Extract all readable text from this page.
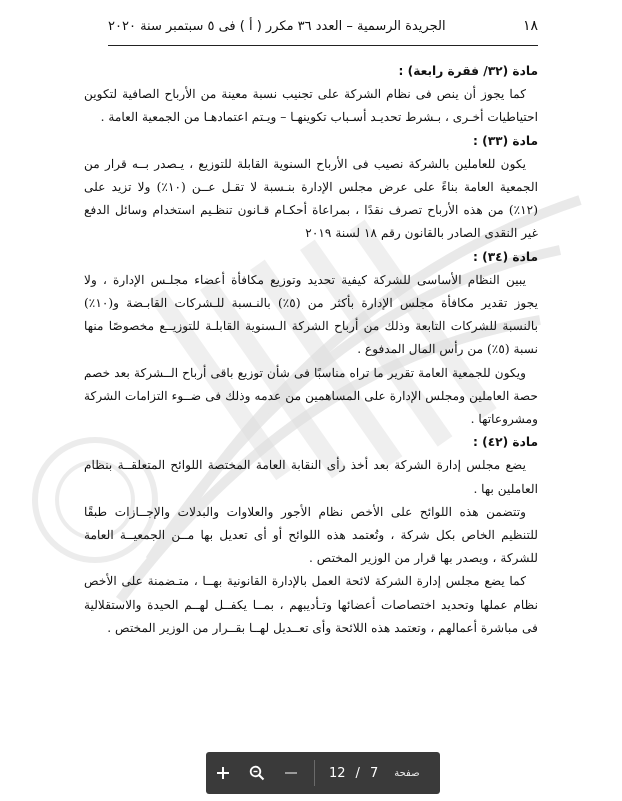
١٨
الجريدة الرسمية – العدد ٣٦ مكرر ( أ ) فى ٥ سبتمبر سنة ٢٠٢٠

مادة (٣٢/ فقرة رابعة) :

كما يجوز أن ينص فى نظام الشركة على تجنيب نسبة معينة من الأرباح الصافية لتكوين احتياطيات أخـرى ، بـشرط تحديـد أسـباب تكوينهـا – ويـتم اعتمادهـا من الجمعية العامة .

مادة (٣٣) :

يكون للعاملين بالشركة نصيب فى الأرباح السنوية القابلة للتوزيع ، يـصدر بــه قرار من الجمعية العامة بناءً على عرض مجلس الإدارة بنـسبة لا تقـل عــن (١٠٪) ولا تزيد على (١٢٪) من هذه الأرباح تصرف نقدًا ، بمراعاة أحكـام قـانون تنظـيم استخدام وسائل الدفع غير النقدى الصادر بالقانون رقم ١٨ لسنة ٢٠١٩

مادة (٣٤) :

يبين النظام الأساسى للشركة كيفية تحديد وتوزيع مكافأة أعضاء مجلـس الإدارة ، ولا يجوز تقدير مكافأة مجلس الإدارة بأكثر من (٥٪) بالنـسبة للـشركات القابـضة و(١٠٪) بالنسبة للشركات التابعة وذلك من أرباح الشركة الـسنوية القابلـة للتوزيــع مخصوصًا منها نسبة (٥٪) من رأس المال المدفوع .

ويكون للجمعية العامة تقرير ما تراه مناسبًا فى شأن توزيع باقى أرباح الــشركة بعد خصم حصة العاملين ومجلس الإدارة على المساهمين من عدمه وذلك فى ضــوء التزامات الشركة ومشروعاتها .

مادة (٤٢) :

يضع مجلس إدارة الشركة بعد أخذ رأى النقابة العامة المختصة اللوائح المتعلقــة بنظام العاملين بها .

وتتضمن هذه اللوائح على الأخص نظام الأجور والعلاوات والبدلات والإجــازات طبقًا للتنظيم الخاص بكل شركة ، وتُعتمد هذه اللوائح أو أى تعديل بها مــن الجمعيــة العامة للشركة ، ويصدر بها قرار من الوزير المختص .

كما يضع مجلس إدارة الشركة لائحة العمل بالإدارة القانونية بهــا ، متـضمنة على الأخص نظام عملها وتحديد اختصاصات أعضائها وتـأديبهم ، بمــا يكفــل لهــم الحيدة والاستقلالية فى مباشرة أعمالهم ، وتعتمد هذه اللائحة وأى تعــديل لهــا بقــرار من الوزير المختص .

12 / 7 صفحة
